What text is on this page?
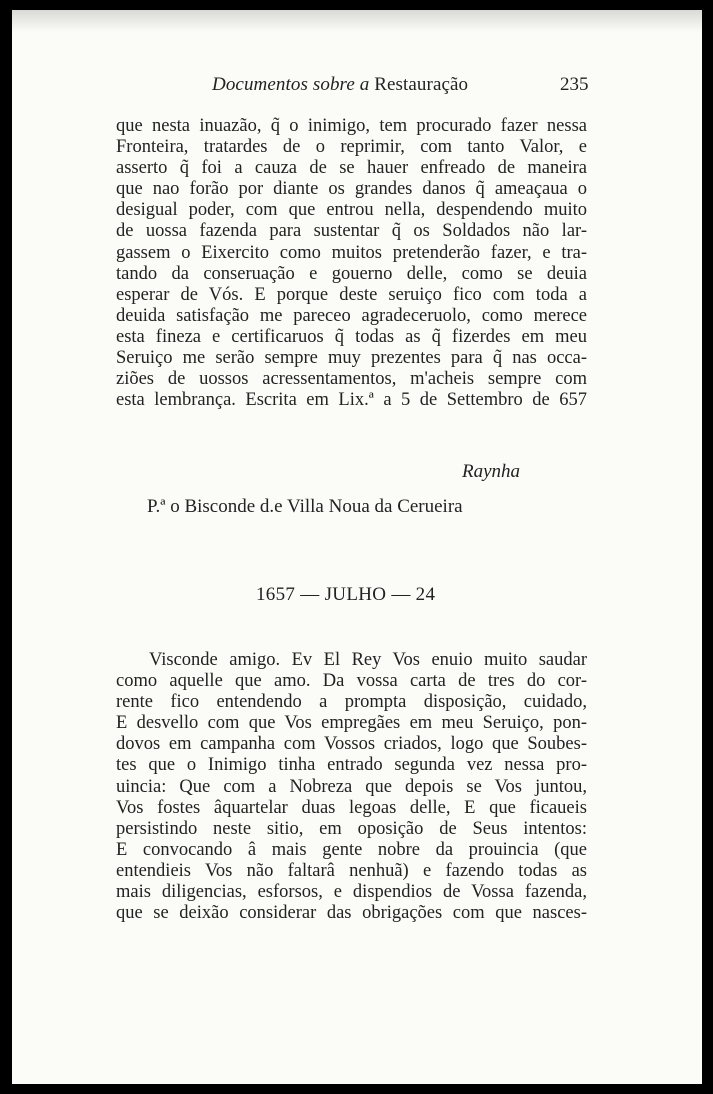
Documentos sobre a Restauração	235
que nesta inuazão, q̃ o inimigo, tem procurado fazer nessa
Fronteira, tratardes de o reprimir, com tanto Valor, e
asserto q̃ foi a cauza de se hauer enfreado de maneira
que nao forão por diante os grandes danos q̃ ameaçaua o
desigual poder, com que entrou nella, despendendo muito
de uossa fazenda para sustentar q̃ os Soldados não lar-
gassem o Eixercito como muitos pretenderão fazer, e tra-
tando da conseruação e gouerno delle, como se deuia
esperar de Vós. E porque deste seruiço fico com toda a
deuida satisfação me pareceo agradeceruolo, como merece
esta fineza e certificaruos q̃ todas as q̃ fizerdes em meu
Seruiço me serão sempre muy prezentes para q̃ nas occa-
ziões de uossos acressentamentos, m'acheis sempre com
esta lembrança. Escrita em Lix.ª a 5 de Settembro de 657
Raynha
P.ª o Bisconde d.e Villa Noua da Cerueira
1657 — JULHO — 24
Visconde amigo. Ev El Rey Vos enuio muito saudar
como aquelle que amo. Da vossa carta de tres do cor-
rente fico entendendo a prompta disposição, cuidado,
E desvello com que Vos empregães em meu Seruiço, pon-
dovos em campanha com Vossos criados, logo que Soubes-
tes que o Inimigo tinha entrado segunda vez nessa pro-
uincia: Que com a Nobreza que depois se Vos juntou,
Vos fostes âquartelar duas legoas delle, E que ficaueis
persistindo neste sitio, em oposição de Seus intentos:
E convocando â mais gente nobre da prouincia (que
entendieis Vos não faltarâ nenhuã) e fazendo todas as
mais diligencias, esforsos, e dispendios de Vossa fazenda,
que se deixão considerar das obrigações com que nasces-
